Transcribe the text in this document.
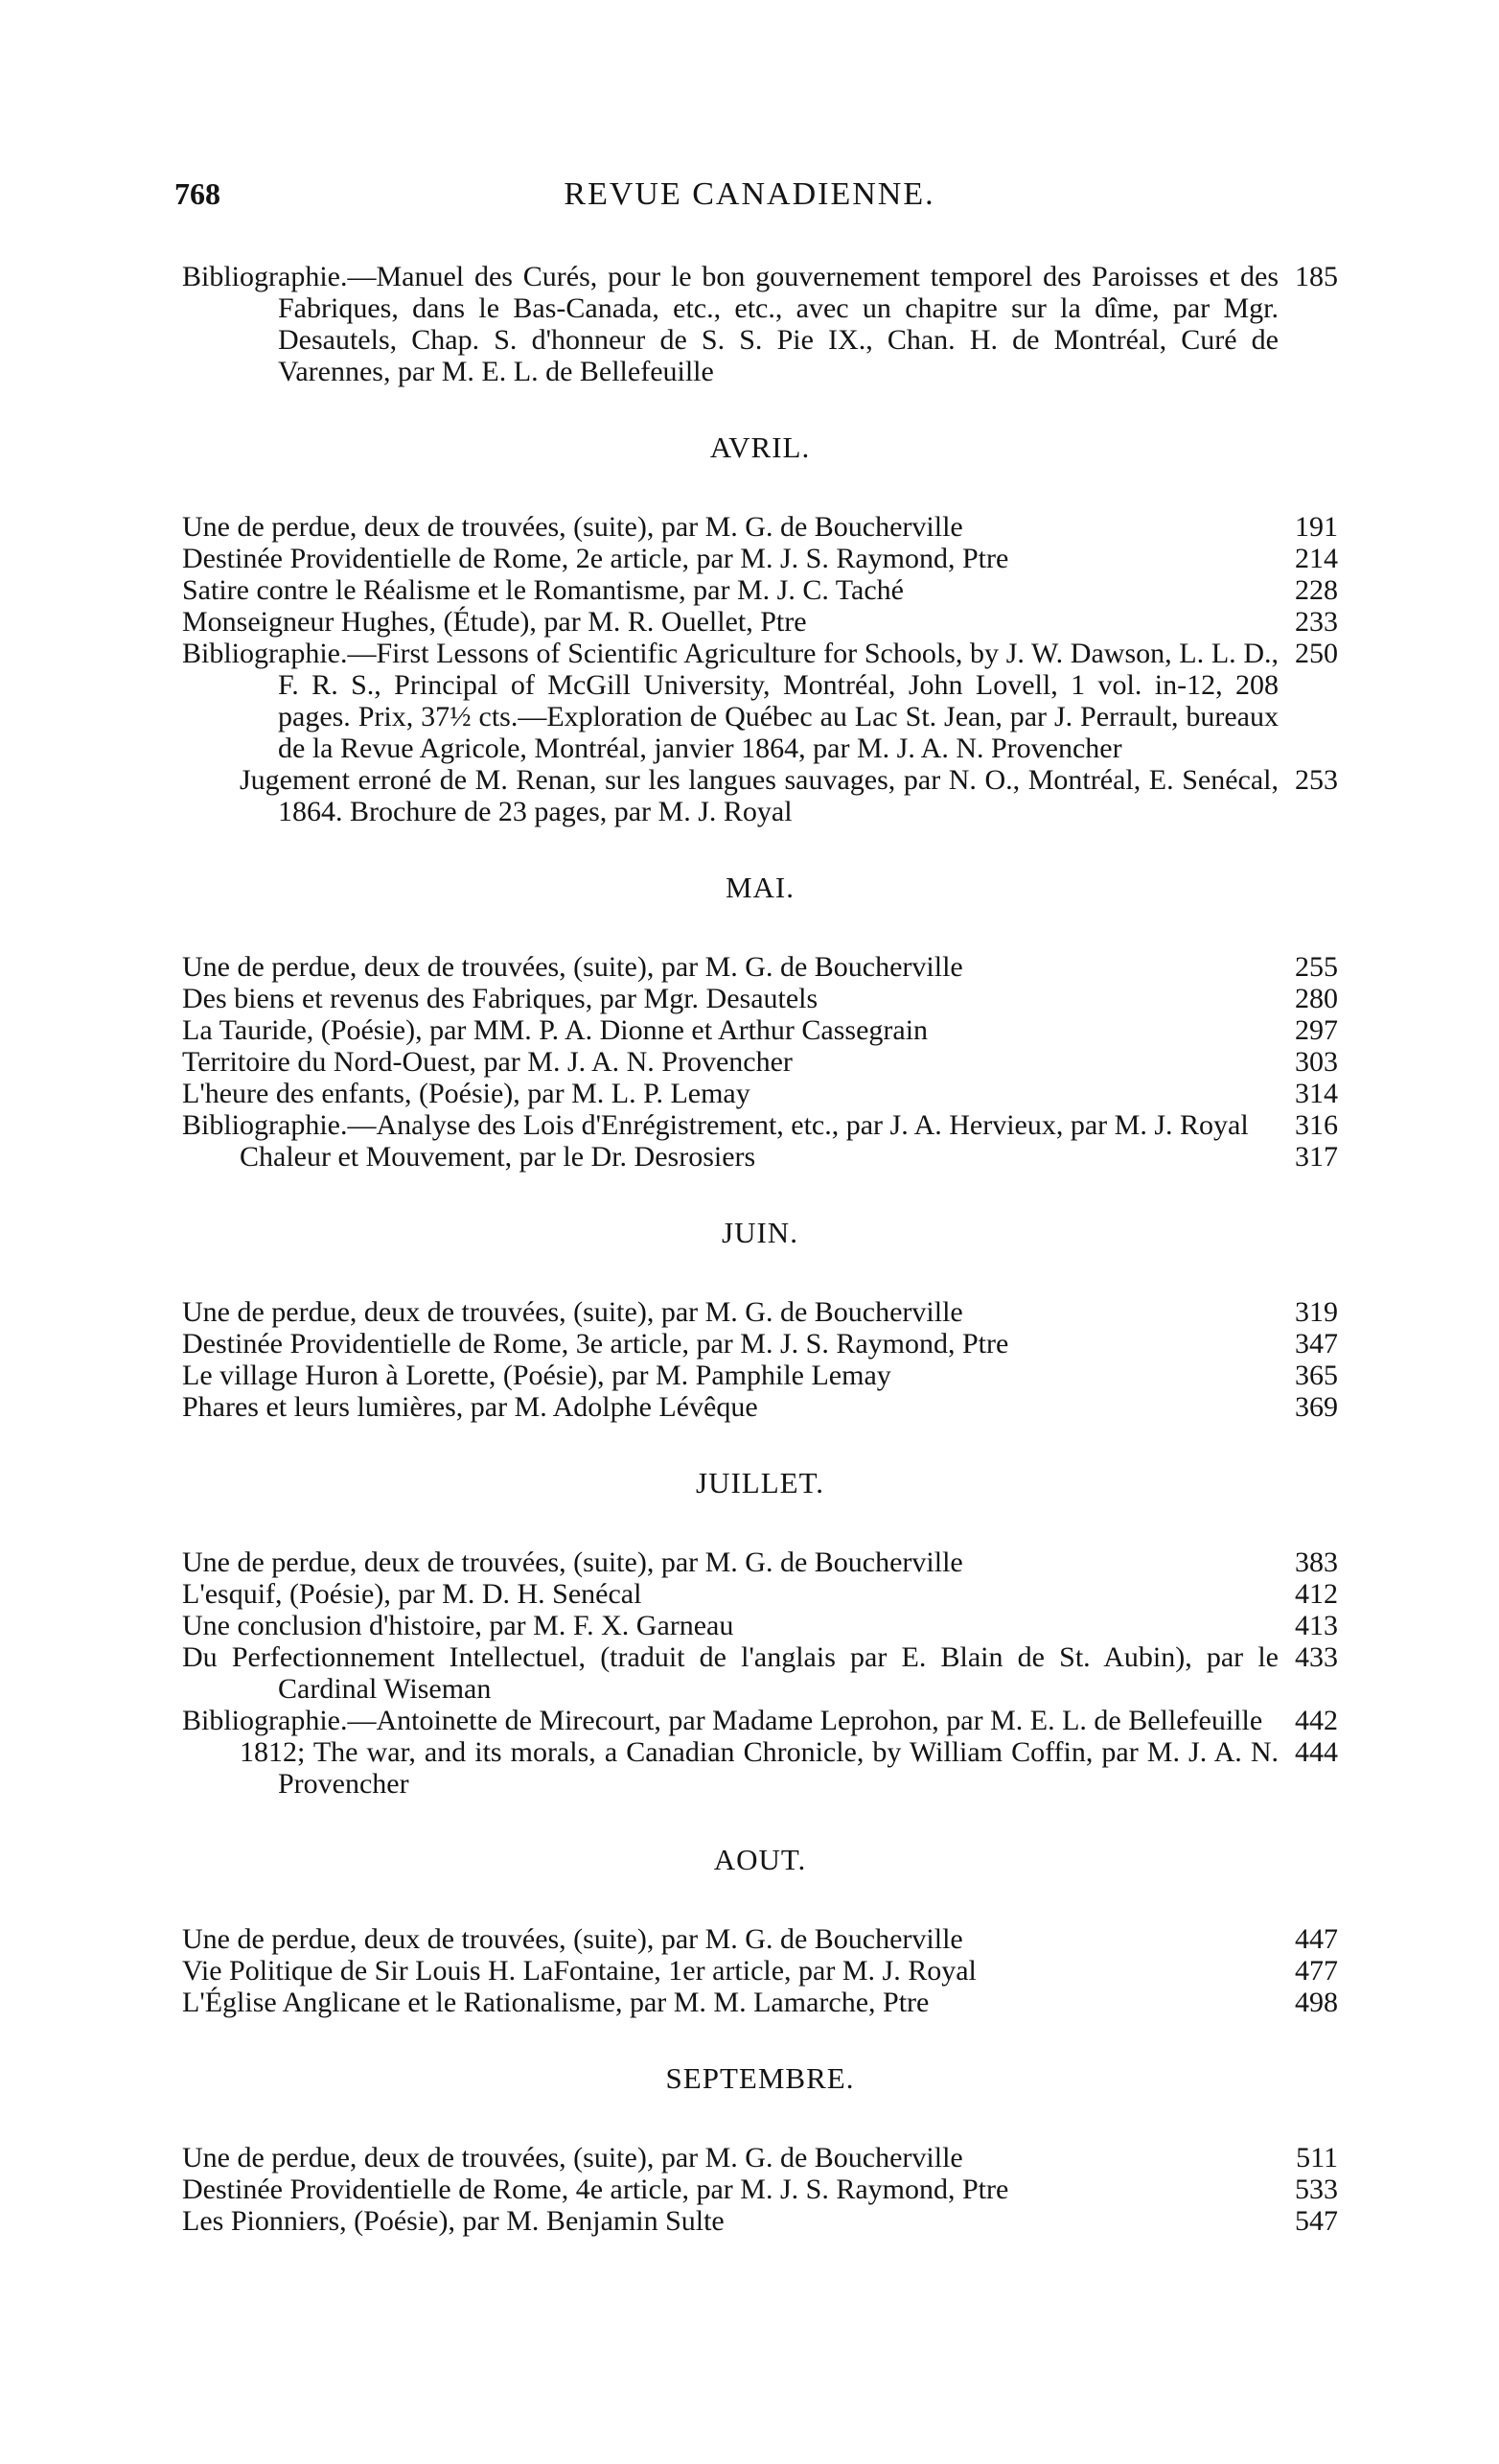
768	REVUE CANADIENNE.

Bibliographie.—Manuel des Curés, pour le bon gouvernement temporel des Paroisses et des Fabriques, dans le Bas-Canada, etc., etc., avec un chapitre sur la dîme, par Mgr. Desautels, Chap. S. d'honneur de S. S. Pie IX., Chan. H. de Montréal, Curé de Varennes, par M. E. L. de Bellefeuille
185

AVRIL.

Une de perdue, deux de trouvées, (suite), par M. G. de Boucherville	191

Destinée Providentielle de Rome, 2e article, par M. J. S. Raymond, Ptre	214

Satire contre le Réalisme et le Romantisme, par M. J. C. Taché	228

Monseigneur Hughes, (Étude), par M. R. Ouellet, Ptre	233

Bibliographie.—First Lessons of Scientific Agriculture for Schools, by J. W. Dawson, L. L. D., F. R. S., Principal of McGill University, Montréal, John Lovell, 1 vol. in-12, 208 pages. Prix, 37½ cts.—Exploration de Québec au Lac St. Jean, par J. Perrault, bureaux de la Revue Agricole, Montréal, janvier 1864, par M. J. A. N. Provencher
250

Jugement erroné de M. Renan, sur les langues sauvages, par N. O., Montréal, E. Senécal, 1864. Brochure de 23 pages, par M. J. Royal
253

MAI.

Une de perdue, deux de trouvées, (suite), par M. G. de Boucherville	255

Des biens et revenus des Fabriques, par Mgr. Desautels	280

La Tauride, (Poésie), par MM. P. A. Dionne et Arthur Cassegrain	297

Territoire du Nord-Ouest, par M. J. A. N. Provencher	303

L'heure des enfants, (Poésie), par M. L. P. Lemay	314

Bibliographie.—Analyse des Lois d'Enrégistrement, etc., par J. A. Hervieux, par M. J. Royal	316

Chaleur et Mouvement, par le Dr. Desrosiers	317

JUIN.

Une de perdue, deux de trouvées, (suite), par M. G. de Boucherville	319

Destinée Providentielle de Rome, 3e article, par M. J. S. Raymond, Ptre	347

Le village Huron à Lorette, (Poésie), par M. Pamphile Lemay	365

Phares et leurs lumières, par M. Adolphe Lévêque	369

JUILLET.

Une de perdue, deux de trouvées, (suite), par M. G. de Boucherville	383

L'esquif, (Poésie), par M. D. H. Senécal	412

Une conclusion d'histoire, par M. F. X. Garneau	413

Du Perfectionnement Intellectuel, (traduit de l'anglais par E. Blain de St. Aubin), par le Cardinal Wiseman
433

Bibliographie.—Antoinette de Mirecourt, par Madame Leprohon, par M. E. L. de Bellefeuille	442

1812; The war, and its morals, a Canadian Chronicle, by William Coffin, par M. J. A. N. Provencher
444

AOUT.

Une de perdue, deux de trouvées, (suite), par M. G. de Boucherville	447

Vie Politique de Sir Louis H. LaFontaine, 1er article, par M. J. Royal	477

L'Église Anglicane et le Rationalisme, par M. M. Lamarche, Ptre	498

SEPTEMBRE.

Une de perdue, deux de trouvées, (suite), par M. G. de Boucherville	511

Destinée Providentielle de Rome, 4e article, par M. J. S. Raymond, Ptre	533

Les Pionniers, (Poésie), par M. Benjamin Sulte	547
